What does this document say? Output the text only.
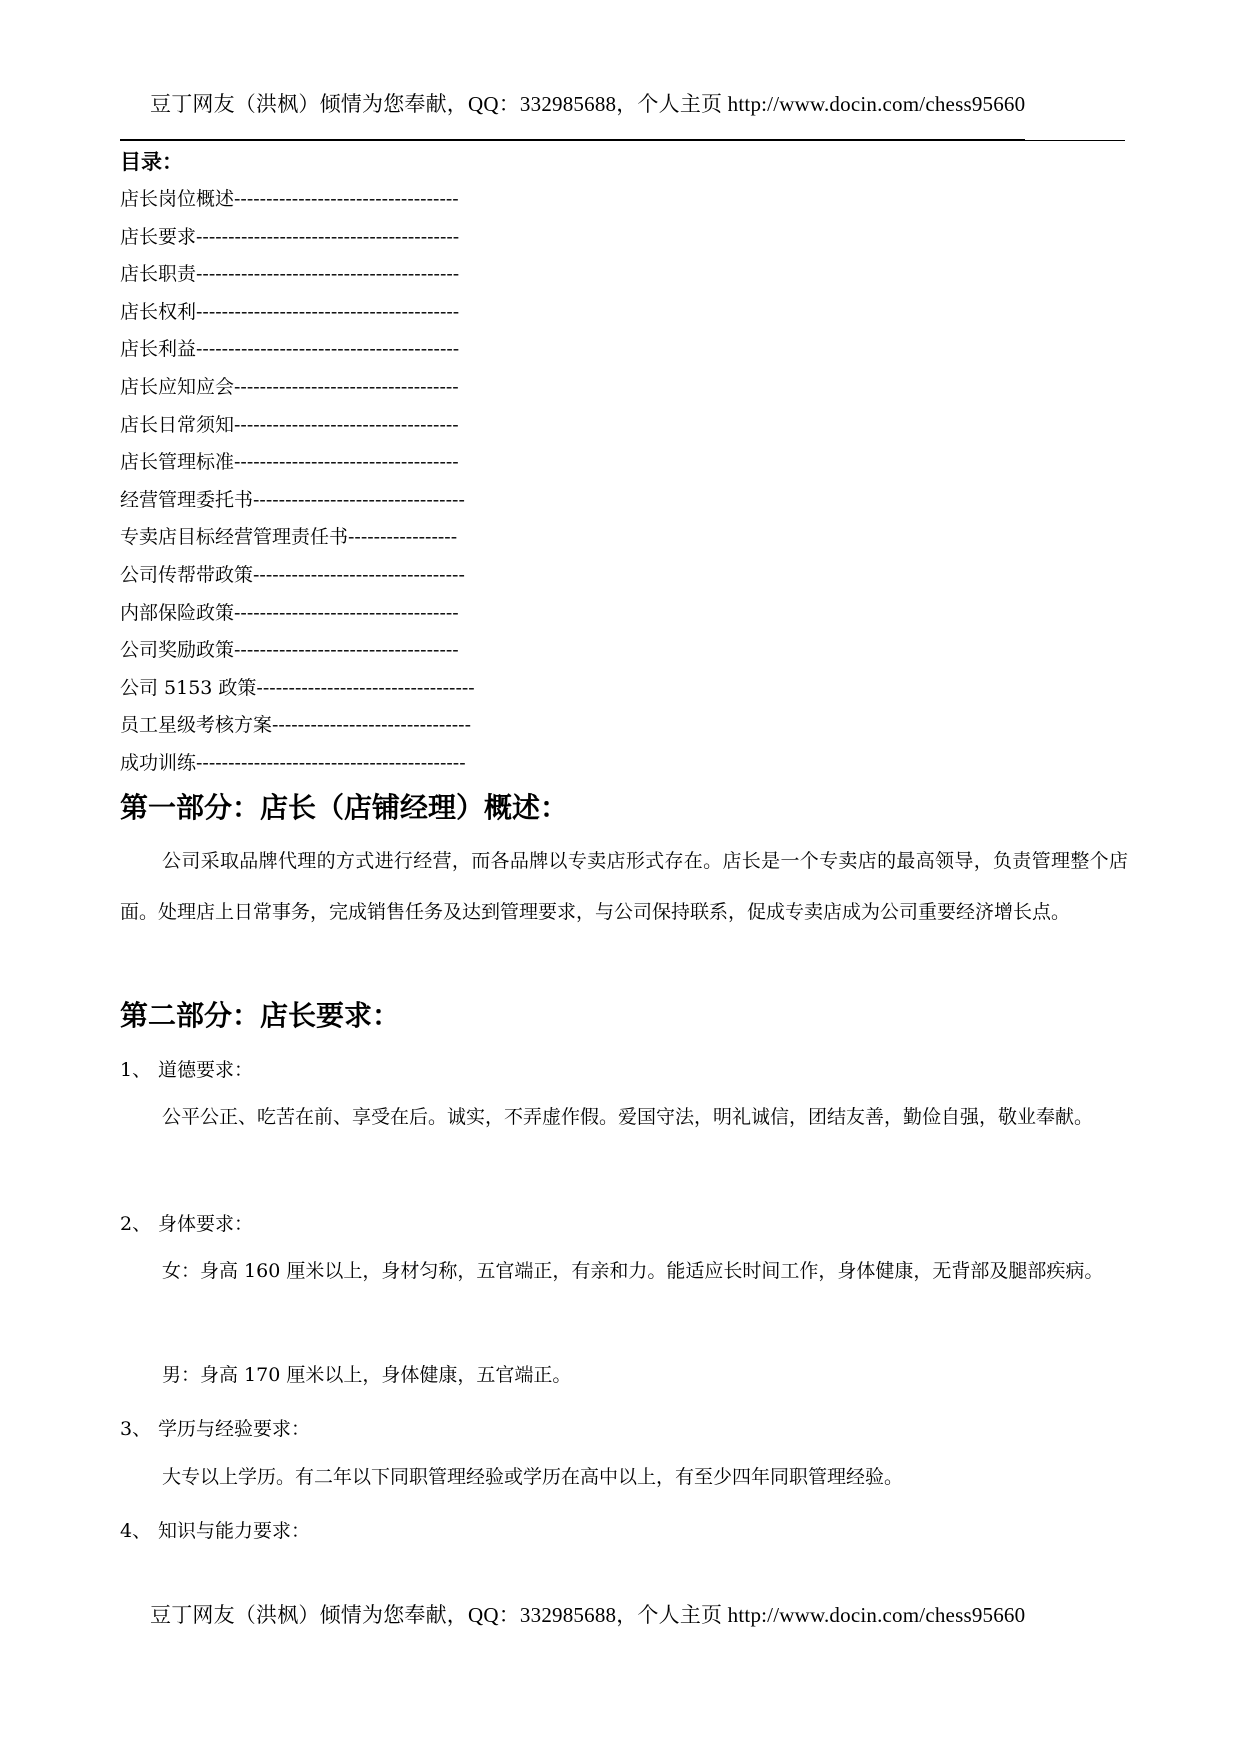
豆丁网友（洪枫）倾情为您奉献，QQ：332985688，个人主页 http://www.docin.com/chess95660
目录：
店长岗位概述-----------------------------------
店长要求-----------------------------------------
店长职责-----------------------------------------
店长权利-----------------------------------------
店长利益-----------------------------------------
店长应知应会-----------------------------------
店长日常须知-----------------------------------
店长管理标准-----------------------------------
经营管理委托书---------------------------------
专卖店目标经营管理责任书-----------------
公司传帮带政策---------------------------------
内部保险政策-----------------------------------
公司奖励政策-----------------------------------
公司 5153 政策----------------------------------
员工星级考核方案-------------------------------
成功训练------------------------------------------
第一部分：店长（店铺经理）概述：

公司采取品牌代理的方式进行经营，而各品牌以专卖店形式存在。店长是一个专卖店的最高领导，负责管理整个店面。处理店上日常事务，完成销售任务及达到管理要求，与公司保持联系，促成专卖店成为公司重要经济增长点。

第二部分：店长要求：
1、 道德要求：

公平公正、吃苦在前、享受在后。诚实，不弄虚作假。爱国守法，明礼诚信，团结友善，勤俭自强，敬业奉献。

2、 身体要求：

女：身高 160 厘米以上，身材匀称，五官端正，有亲和力。能适应长时间工作，身体健康，无背部及腿部疾病。

男：身高 170 厘米以上，身体健康，五官端正。

3、 学历与经验要求：

大专以上学历。有二年以下同职管理经验或学历在高中以上，有至少四年同职管理经验。

4、 知识与能力要求：
豆丁网友（洪枫）倾情为您奉献，QQ：332985688，个人主页 http://www.docin.com/chess95660
